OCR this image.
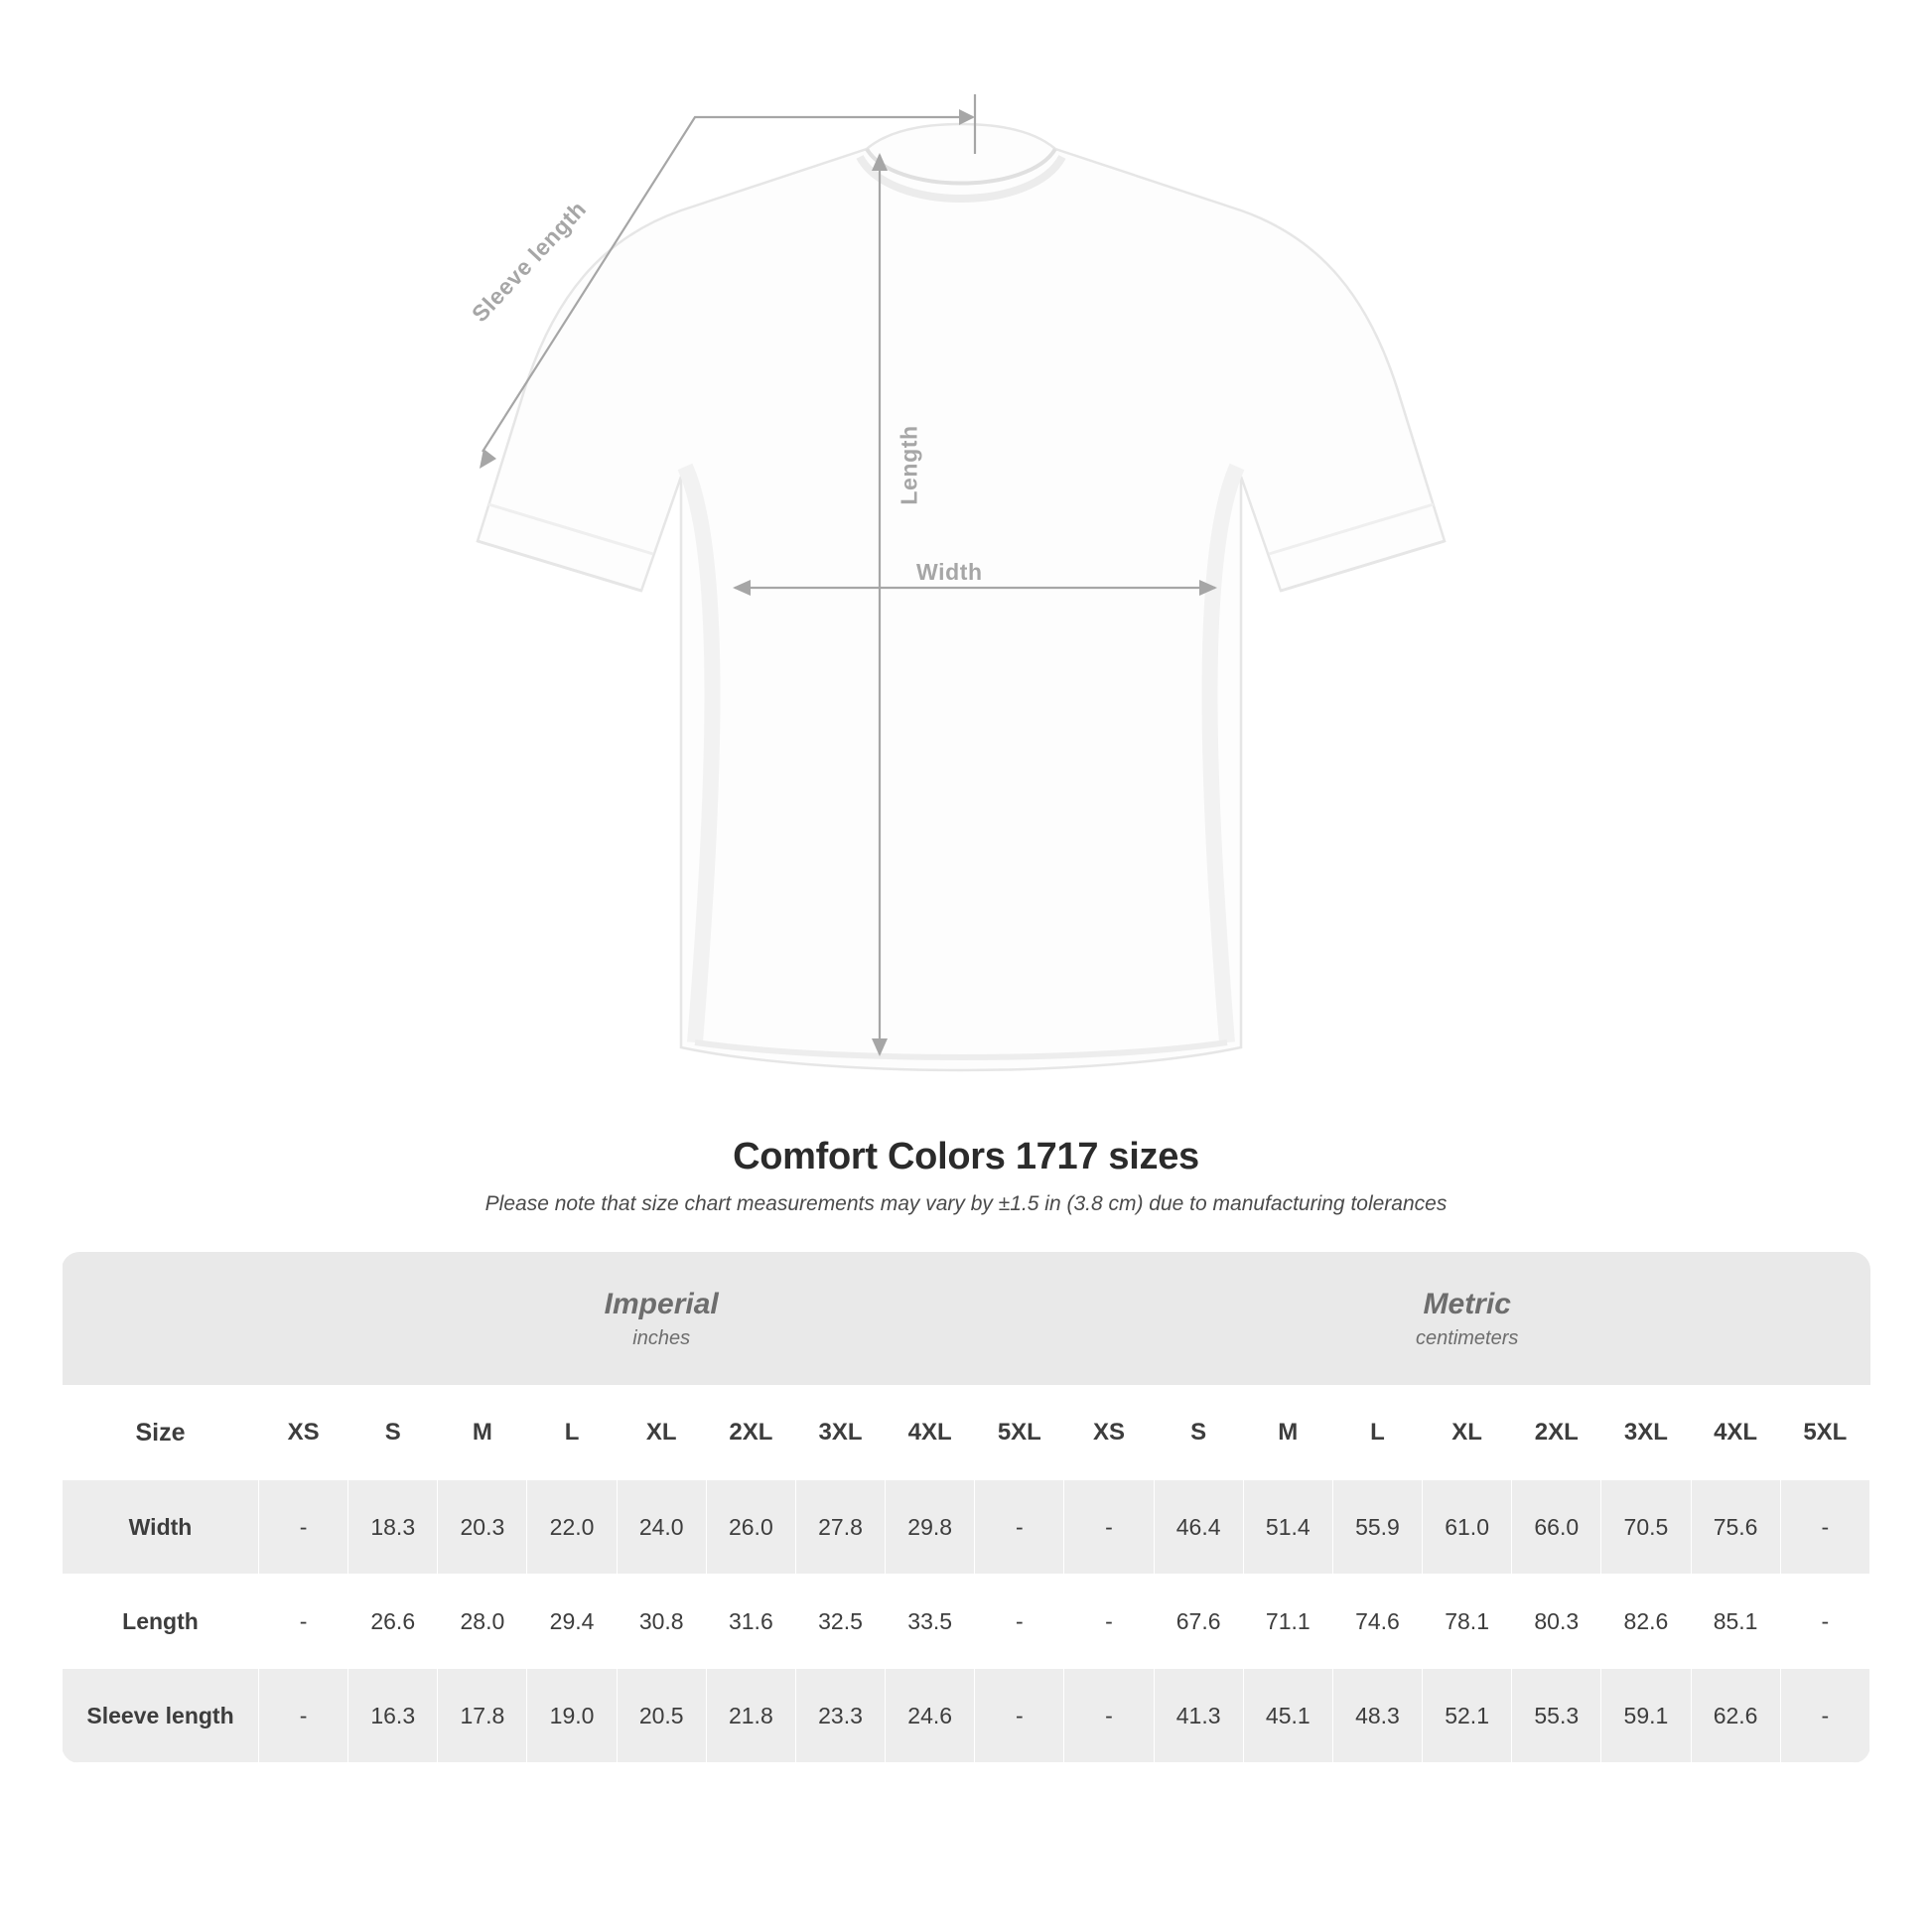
Sleeve length
Length
Width
Comfort Colors 1717 sizes
Please note that size chart measurements may vary by ±1.5 in (3.8 cm) due to manufacturing tolerances

Imperial
inches

Metric
centimeters

Size	XS	S	M	L	XL	2XL	3XL	4XL	5XL	XS	S	M	L	XL	2XL	3XL	4XL	5XL
Width	-	18.3	20.3	22.0	24.0	26.0	27.8	29.8	-	-	46.4	51.4	55.9	61.0	66.0	70.5	75.6	-
Length	-	26.6	28.0	29.4	30.8	31.6	32.5	33.5	-	-	67.6	71.1	74.6	78.1	80.3	82.6	85.1	-
Sleeve length	-	16.3	17.8	19.0	20.5	21.8	23.3	24.6	-	-	41.3	45.1	48.3	52.1	55.3	59.1	62.6	-
